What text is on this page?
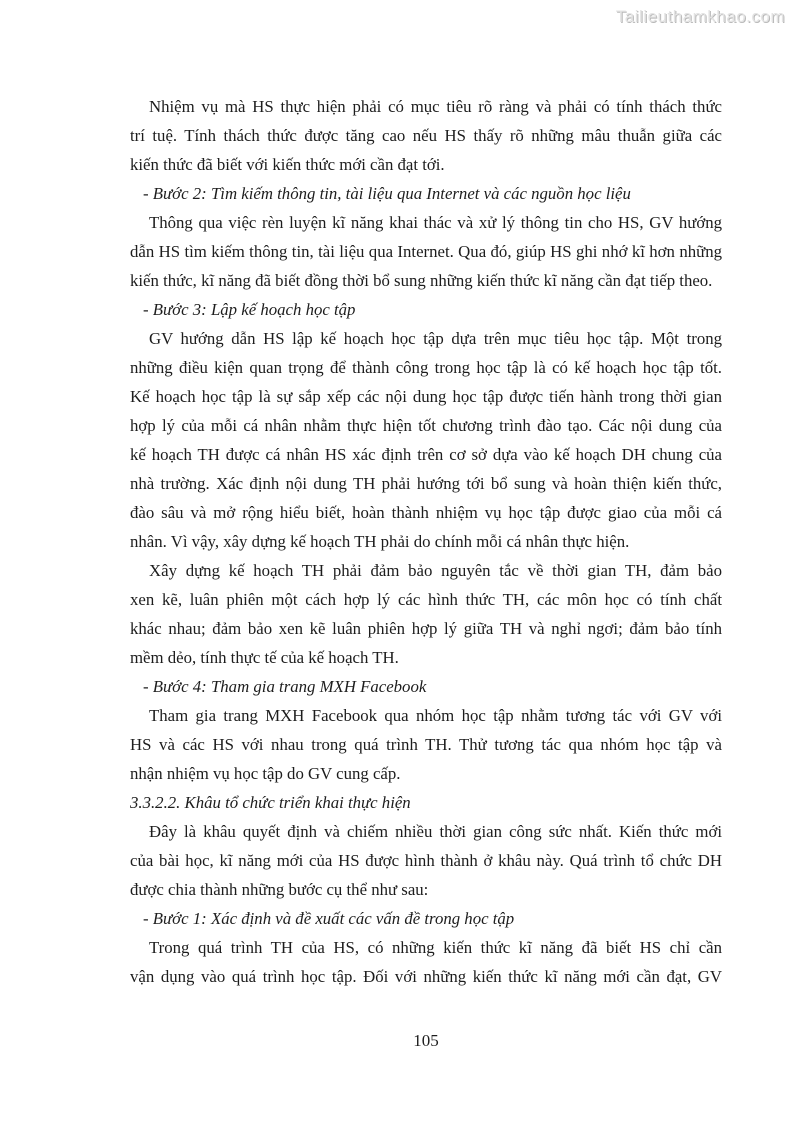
Tailieuthamkhao.com
Nhiệm vụ mà HS thực hiện phải có mục tiêu rõ ràng và phải có tính thách thức
trí tuệ. Tính thách thức được tăng cao nếu HS thấy rõ những mâu thuẫn giữa các
kiến thức đã biết với kiến thức mới cần đạt tới.
- Bước 2: Tìm kiếm thông tin, tài liệu qua Internet và các nguồn học liệu
Thông qua việc rèn luyện kĩ năng khai thác và xử lý thông tin cho HS, GV hướng
dẫn HS tìm kiếm thông tin, tài liệu qua Internet. Qua đó, giúp HS ghi nhớ kĩ hơn những
kiến thức, kĩ năng đã biết đồng thời bổ sung những kiến thức kĩ năng cần đạt tiếp theo.
- Bước 3: Lập kế hoạch học tập
GV hướng dẫn HS lập kế hoạch học tập dựa trên mục tiêu học tập. Một trong
những điều kiện quan trọng để thành công trong học tập là có kế hoạch học tập tốt.
Kế hoạch học tập là sự sắp xếp các nội dung học tập được tiến hành trong thời gian
hợp lý của mỗi cá nhân nhằm thực hiện tốt chương trình đào tạo. Các nội dung của
kế hoạch TH được cá nhân HS xác định trên cơ sở dựa vào kế hoạch DH chung của
nhà trường. Xác định nội dung TH phải hướng tới bổ sung và hoàn thiện kiến thức,
đào sâu và mở rộng hiểu biết, hoàn thành nhiệm vụ học tập được giao của mỗi cá
nhân. Vì vậy, xây dựng kế hoạch TH phải do chính mỗi cá nhân thực hiện.
Xây dựng kế hoạch TH phải đảm bảo nguyên tắc về thời gian TH, đảm bảo
xen kẽ, luân phiên một cách hợp lý các hình thức TH, các môn học có tính chất
khác nhau; đảm bảo xen kẽ luân phiên hợp lý giữa TH và nghỉ ngơi; đảm bảo tính
mềm dẻo, tính thực tế của kế hoạch TH.
- Bước 4: Tham gia trang MXH Facebook
Tham gia trang MXH Facebook qua nhóm học tập nhằm tương tác với GV với
HS và các HS với nhau trong quá trình TH. Thử tương tác qua nhóm học tập và
nhận nhiệm vụ học tập do GV cung cấp.
3.3.2.2. Khâu tổ chức triển khai thực hiện
Đây là khâu quyết định và chiếm nhiều thời gian công sức nhất. Kiến thức mới
của bài học, kĩ năng mới của HS được hình thành ở khâu này. Quá trình tổ chức DH
được chia thành những bước cụ thể như sau:
- Bước 1: Xác định và đề xuất các vấn đề trong học tập
Trong quá trình TH của HS, có những kiến thức kĩ năng đã biết HS chỉ cần
vận dụng vào quá trình học tập. Đối với những kiến thức kĩ năng mới cần đạt, GV
105
